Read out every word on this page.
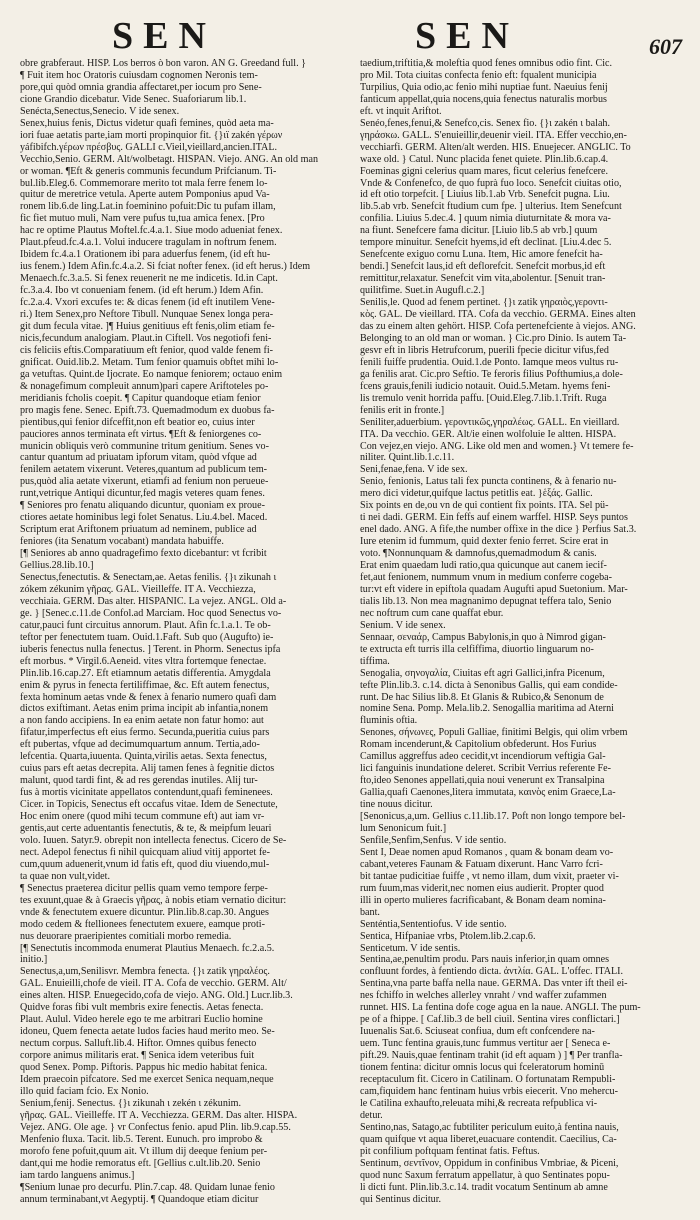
SEN	SEN	607
obre grabferaut. HISP. Los berros ò bon varon. AN G. Greedand full. }
¶ Fuit item hoc Oratoris cuiusdam cognomen Neronis tem-
pore,qui quòd omnia grandia affectaret,per iocum pro Sene-
cione Grandio dicebatur. Vide Senec. Suaforiarum lib.1.
Senécta,Senectus,Senecio. V ide senex.
Senex,huius fenis, Dictus videtur quafi femines, quòd aeta ma-
iori fuae aetatis parte,iam morti propinquior fit. {}ιϊ zakén γέρων
yáfibifch.γέρων πρέσβυς. GALLI c.Vieil,vieillard,ancien.ITAL.
Vecchio,Senio. GERM. Alt/wolbetagt. HISPAN. Viejo. ANG. An old man
or woman. ¶Eft & generis communis fecundum Prifcianum. Ti-
bul.lib.Eleg.6. Commemorare merito tot mala ferre fenem lo-
quitur de meretrice vetula. Aperte autem Pomponius apud Va-
ronem lib.6.de ling.Lat.in foeminino pofuit:Dic tu pufam illam,
fic fiet mutuo muli, Nam vere pufus tu,tua amica fenex. [Pro
hac re optime Plautus Moftel.fc.4.a.1. Siue modo adueniat fenex.
Plaut.pfeud.fc.4.a.1. Volui inducere tragulam in noftrum fenem.
Ibidem fc.4.a.1 Orationem ibi para aduerfus fenem, (id eft hu-
ius fenem.) Idem Afin.fc.4.a.2. Si fciat nofter fenex. (id eft herus.) Idem
Menaech.fc.3.a.5. Si fenex reuenerit ne me indicetis. Id.in Capt.
fc.3.a.4. Ibo vt conueniam fenem. (id eft herum.) Idem Afin.
fc.2.a.4. Vxori excufes te: & dicas fenem (id eft inutilem Vene-
ri.) Item Senex,pro Neftore Tibull. Nunquae Senex longa pera-
git dum fecula vitae. ]¶ Huius genitiuus eft fenis,olim etiam fe-
nicis,fecundum analogiam. Plaut.in Ciftell. Vos negotiofi feni-
cis feliciis eftis.Comparatiuum eft fenior, quod valde fenem fi-
gnificat. Ouid.lib.2. Metam. Tum fenior quamuis obftet mihi lo-
ga vetuftas. Quint.de Ijocrate. Eo namque feniorem; octauo enim
& nonagefimum compleuit annum)pari capere Ariftoteles po-
meridianis fcholis coepit. ¶ Capitur quandoque etiam fenior
pro magis fene. Senec. Epift.73. Quemadmodum ex duobus fa-
pientibus,qui fenior difceffit,non eft beatior eo, cuius inter
pauciores annos terminata eft virtus. ¶Eft & feniorgenes co-
municin obliquis verò communine tritum genitium. Senes vo-
cantur quantum ad priuatam ipforum vitam, quòd vfque ad
fenilem aetatem vixerunt. Veteres,quantum ad publicum tem-
pus,quòd alia aetate vixerunt, etiamfi ad fenium non perueue-
runt,vetrique Antiqui dicuntur,fed magis veteres quam fenes.
¶ Seniores pro fenatu aliquando dicuntur, quoniam ex proue-
ctiores aetate hominibus legi folet Senatus. Liu.4.bel. Maced.
Scriptum erat Ariftonem priuatum ad neminem, publice ad
feniores (ita Senatum vocabant) mandata habuiffe.
[¶ Seniores ab anno quadragefimo fexto dicebantur: vt fcribit
Gellius.28.lib.10.]
Senectus,fenectutis. & Senectam,ae. Aetas fenilis. {}ι zikunah ι
zókem zékunim γῆρας. GAL. Vieilleffe. IT A. Vecchiezza,
vecchiaia. GERM. Das alter. HISPANIC. La vejez. ANGL. Old a-
ge. } [Senec.c.11.de Confol.ad Marciam. Hoc quod Senectus vo-
catur,pauci funt circuitus annorum. Plaut. Afin fc.1.a.1. Te ob-
teftor per fenectutem tuam. Ouid.1.Faft. Sub quo (Augufto) ie-
iuberis fenectus nulla fenectus. ] Terent. in Phorm. Senectus ipfa
eft morbus. * Virgil.6.Aeneid. vites vltra fortemque fenectae.
Plin.lib.16.cap.27. Eft etiamnum aetatis differentia. Amygdala
enim & pyrus in fenecta fertiliffimae, &c. Eft autem fenectus,
fexta hominum aetas vnde & fenex à fenario numero quafi dam
dictos exiftimant. Aetas enim prima incipit ab infantia,nonem
a non fando accipiens. In ea enim aetate non fatur homo: aut
fifatur,imperfectus eft eius fermo. Secunda,pueritia cuius pars
eft pubertas, vfque ad decimumquartum annum. Tertia,ado-
lefcentia. Quarta,iuuenta. Quinta,virilis aetas. Sexta fenectus,
cuius pars eft aetas decrepita. Alij tamen fenes à fegnitie dictos
malunt, quod tardi fint, & ad res gerendas inutiles. Alij tur-
fus à mortis vicinitate appellatos contendunt,quafi feminenees.
Cicer. in Topicis, Senectus eft occafus vitae. Idem de Senectute,
Hoc enim onere (quod mihi tecum commune eft) aut iam vr-
gentis,aut certe aduentantis fenectutis, & te, & meipfum leuari
volo. Iuuen. Satyr.9. obrepit non intellecta fenectus. Cicero de Se-
nect. Adepol fenectus fi nihil quicquam aliud vitij apportet fe-
cum,quum aduenerit,vnum id fatis eft, quod diu viuendo,mul-
ta quae non vult,videt.
¶ Senectus praeterea dicitur pellis quam vemo tempore ferpe-
tes exuunt,quae & à Graecis γῆρας, à nobis etiam vernatio dicitur:
vnde & fenectutem exuere dicuntur. Plin.lib.8.cap.30. Angues
modo cedem & ftellionees fenectutem exuere, eamque proti-
nus deuorare praeripientes comitiali morbo remedia.
[¶ Senectutis incommoda enumerat Plautius Menaech. fc.2.a.5.
initio.]
Senectus,a,um,Senilisvr. Membra fenecta. {}ι zatik γηραλέος.
GAL. Enuieilli,chofe de vieil. IT A. Cofa de vecchio. GERM. Alt/
eines alten. HISP. Enuegecido,cofa de viejo. ANG. Old.] Lucr.lib.3.
Quidve foras fibi vult membris exire fenectis. Aetas fenecta.
Plaut. Aulul. Video herele ego te me arbitrari Euclio homine
idoneu, Quem fenecta aetate ludos facies haud merito meo. Se-
nectum corpus. Salluft.lib.4. Hiftor. Omnes quibus fenecto
corpore animus militaris erat. ¶ Senica idem veteribus fuit
quod Senex. Pomp. Piftoris. Pappus hic medio habitat fenica.
Idem praecoin pifcatore. Sed me exercet Senica nequam,neque
illo quid faciam fcio. Ex Nonio.
Senium,fenij. Senectus. {}ι zikunah ι zekén ι zékunim.
γῆρας. GAL. Vieilleffe. IT A. Vecchiezza. GERM. Das alter. HISPA.
Vejez. ANG. Ole age. } vr Confectus fenio. apud Plin. lib.9.cap.55.
Menfenio fluxa. Tacit. lib.5. Terent. Eunuch. pro improbo &
morofo fene pofuit,quum ait. Vt illum dij deeque fenium per-
dant,qui me hodie remoratus eft. [Gellius c.ult.lib.20. Senio
iam tardo languens animus.]
¶Senium lunae pro decurfu. Plin.7.cap. 48. Quidam lunae fenio
annum terminabant,vt Aegyptij. ¶ Quandoque etiam dicitur
taedium,triftitia,& moleftia quod fenes omnibus odio fint. Cic.
pro Mil. Tota ciuitas confecta fenio eft: fqualent municipia
Turpilius, Quia odio,ac fenio mihi nuptiae funt. Naeuius fenij
fanticum appellat,quia nocens,quia fenectus naturalis morbus
eft. vt inquit Ariftot.
Senéo,fenes,fenui,& Senefco,cis. Senex fio. {}ι zakén ι balah.
γηράσκω. GALL. S'enuieillir,deuenir vieil. ITA. Effer vecchio,en-
vecchiarfi. GERM. Alten/alt werden. HIS. Enuejecer. ANGLIC. To
waxe old. } Catul. Nunc placida fenet quiete. Plin.lib.6.cap.4.
Foeminas gigni celerius quam mares, ficut celerius fenefcere.
Vnde & Confenefco, de quo fuprà fuo loco. Senefcit ciuitas otio,
id eft otio torpefcit. [ Liuius lib.1.ab Vrb. Senefcit pugna. Liu.
lib.5.ab vrb. Senefcit ftudium cum fpe. ] ulterius. Item Senefcunt
confilia. Liuius 5.dec.4. ] quum nimia diuturnitate & mora va-
na fiunt. Senefcere fama dicitur. [Liuio lib.5 ab vrb.] quum
tempore minuitur. Senefcit hyems,id eft declinat. [Liu.4.dec 5.
Senefcente exiguo cornu Luna. Item, Hic amore fenefcit ha-
bendi.] Senefcit laus,id eft deflorefcit. Senefcit morbus,id eft
remittitur,relaxatur. Senefcit vim vita,abolentur. [Senuit tran-
quilitfime. Suet.in Augufl.c.2.]
Senilis,le. Quod ad fenem pertinet. {}ι zatik γηραιὸς,γεροντι-
κὸς. GAL. De vieillard. ITA. Cofa da vecchio. GERMA. Eines alten
das zu einem alten gehört. HISP. Cofa pertenefciente à viejos. ANG.
Belonging to an old man or woman. } Cic.pro Dinio. Is autem Ta-
gesvr eft in libris Hetrufcorum, puerili fpecie dicitur vifus,fed
fenili fuiffe prudentia. Ouid.1.de Ponto. Iamque meos vultus ru-
ga fenilis arat. Cic.pro Seftio. Te feroris filius Pofthumius,a dole-
fcens grauis,fenili iudicio notauit. Ouid.5.Metam. hyems feni-
lis tremulo venit horrida paffu. [Ouid.Eleg.7.lib.1.Trift. Ruga
fenilis erit in fronte.]
Seniliter,aduerbium. γεροντικῶς,γηραλέως. GALL. En vieillard.
ITA. Da vecchio. GER. Alt/ie einen wolfoluie Ie altten. HISPA.
Con vejez,en viejo. ANG. Like old men and women.} Vt temere fe-
niliter. Quint.lib.1.c.11.
Seni,fenae,fena. V ide sex.
Senio, fenionis, Latus tali fex puncta continens, & à fenario nu-
mero dici videtur,quifque lactus petitlis eat. }ἑξάς. Gallic.
Six points en de,ou vn de qui contient fix points. ITA. Sel pü-
ti nei dadi. GERM. Ein feffs auf einem warffel. HISP. Seys puntos
enel dado. ANG. A fife,the number offixe in the dice } Perfius Sat.3.
Iure etenim id fummum, quid dexter fenio ferret. Scire erat in
voto. ¶Nonnunquam & damnofus,quemadmodum & canis.
Erat enim quaedam ludi ratio,qua quicunque aut canem iecif-
fet,aut fenionem, nummum vnum in medium conferre cogeba-
tur:vt eft videre in epiftola quadam Augufti apud Suetonium. Mar-
tialis lib.13. Non mea magnanimo depugnat teffera talo, Senio
nec noftrum cum cane quaffat ebur.
Senium. V ide senex.
Sennaar, σεναάρ, Campus Babylonis,in quo à Nimrod gigan-
te extructa eft turris illa celfiffima, diuortio linguarum no-
tiffima.
Senogalia, σηνογαλία, Ciuitas eft agri Gallici,infra Picenum,
tefte Plin.lib.3. c.14. dicta à Senonibus Gallis, qui eam condide-
runt. De hac Silius lib.8. Et Glanis & Rubico,& Senonum de
nomine Sena. Pomp. Mela.lib.2. Senogallia maritima ad Aterni
fluminis oftia.
Senones, σήνωνες, Populi Galliae, finitimi Belgis, qui olim vrbem
Romam incenderunt,& Capitolium obfederunt. Hos Furius
Camillus aggreffus adeo cecidit,vt incendiorum veftigia Gal-
lici fanguinis inundatione deleret. Scribit Verrius referente Fe-
fto,ideo Senones appellati,quia noui venerunt ex Transalpina
Gallia,quafi Caenones,litera immutata, καινὸς enim Graece,La-
tine nouus dicitur.
[Senonicus,a,um. Gellius c.11.lib.17. Poft non longo tempore bel-
lum Senonicum fuit.]
Senfile,Senfim,Senfus. V ide sentio.
Sent I, Deae nomen apud Romanos , quam & bonam deam vo-
cabant,veteres Faunam & Fatuam dixerunt. Hanc Varro fcri-
bit tantae pudicitiae fuiffe , vt nemo illam, dum vixit, praeter vi-
rum fuum,mas viderit,nec nomen eius audierit. Propter quod
illi in operto mulieres facrificabant, & Bonam deam nomina-
bant.
Senténtia,Sententiofus. V ide sentio.
Sentica, Hifpaniae vrbs, Ptolem.lib.2.cap.6.
Senticetum. V ide sentis.
Sentina,ae,penultim produ. Pars nauis inferior,in quam omnes
confluunt fordes, à fentiendo dicta. ἀντλία. GAL. L'offec. ITALI.
Sentina,vna parte baffa nella naue. GERMA. Das vnter ift theil ei-
nes fchiffo in welches allerley vnraht / vnd waffer zufammen
runnet. HIS. La fentina dofe coge agua en la naue. ANGLI. The pum-
pe of a fhippe. [ Caf.lib.3 de bell ciuil. Sentina vires conflictari.]
Iuuenalis Sat.6. Sciuseat confiua, dum eft confcendere na-
uem. Tunc fentina grauis,tunc fummus vertitur aer [ Seneca e-
pift.29. Nauis,quae fentinam trahit (id eft aquam ) ] ¶ Per tranfla-
tionem fentina: dicitur omnis locus qui fceleratorum hominū
receptaculum fit. Cicero in Catilinam. O fortunatam Rempubli-
cam,fiquidem hanc fentinam huius vrbis eiecerit. Vno mehercu-
le Catilina exhaufto,releuata mihi,& recreata refpublica vi-
detur.
Sentino,nas, Satago,ac fubtiliter periculum euito,à fentina nauis,
quam quifque vt aqua liberet,euacuare contendit. Caecilius, Ca-
pit confilium poftquam fentinat fatis. Feftus.
Sentinum, σεντῖνον, Oppidum in confinibus Vmbriae, & Piceni,
quod nunc Saxum ferratum appellatur, à quo Sentinates popu-
li dicti funt. Plin.lib.3.c.14. tradit vocatum Sentinum ab amne
qui Sentinus dicitur.
